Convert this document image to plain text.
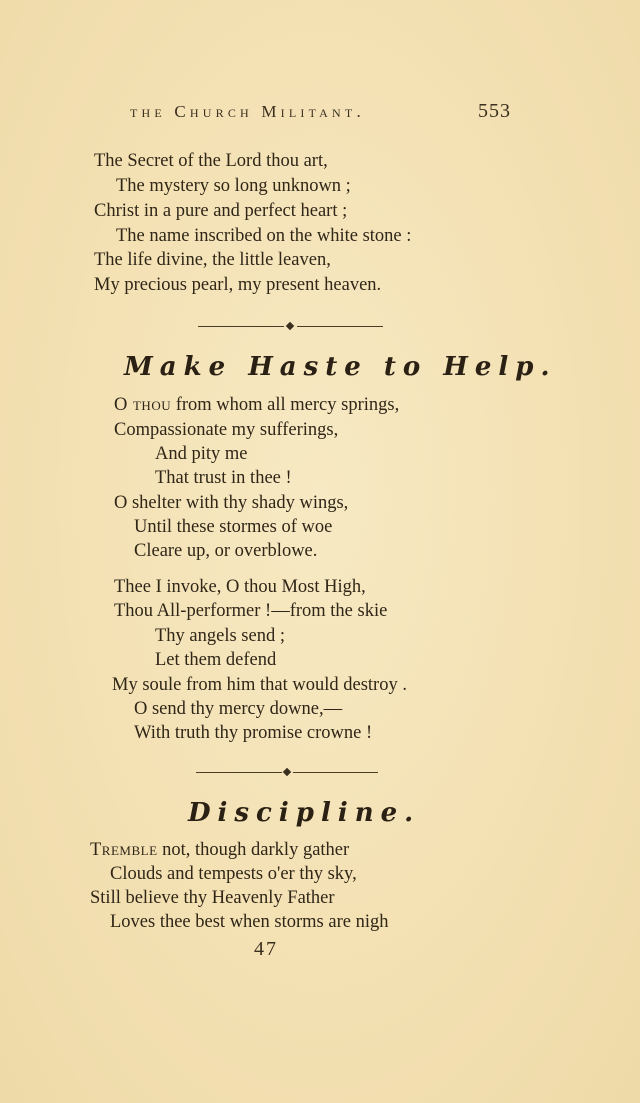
the Church Militant.	553
The Secret of the Lord thou art,
The mystery so long unknown ;
Christ in a pure and perfect heart ;
The name inscribed on the white stone :
The life divine, the little leaven,
My precious pearl, my present heaven.
Make Haste to Help.
O thou from whom all mercy springs,
Compassionate my sufferings,
And pity me
That trust in thee !
O shelter with thy shady wings,
Until these stormes of woe
Cleare up, or overblowe.
Thee I invoke, O thou Most High,
Thou All-performer !—from the skie
Thy angels send ;
Let them defend
My soule from him that would destroy .
O send thy mercy downe,—
With truth thy promise crowne !
Discipline.
Tremble not, though darkly gather
Clouds and tempests o'er thy sky,
Still believe thy Heavenly Father
Loves thee best when storms are nigh
47
